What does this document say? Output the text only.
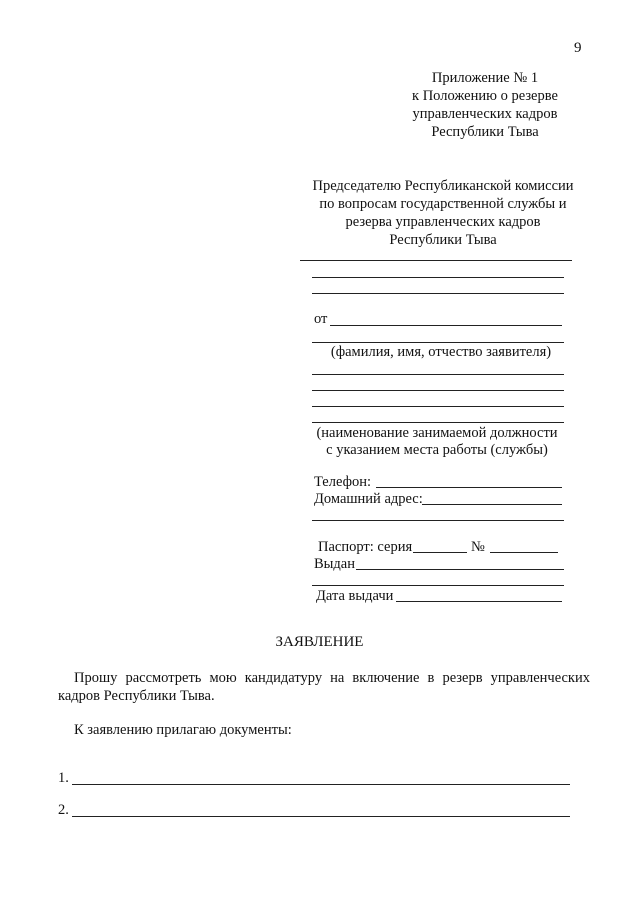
9
Приложение № 1
к Положению о резерве
управленческих кадров
Республики Тыва
Председателю Республиканской комиссии
по вопросам государственной службы и
резерва управленческих кадров
Республики Тыва
от
(фамилия, имя, отчество заявителя)
(наименование занимаемой должности
с указанием места работы (службы)
Телефон:
Домашний адрес:
Паспорт: серия	№
Выдан
Дата выдачи
ЗАЯВЛЕНИЕ
Прошу рассмотреть мою кандидатуру на включение в резерв управленческих
кадров Республики Тыва.
К заявлению прилагаю документы:
1.
2.
